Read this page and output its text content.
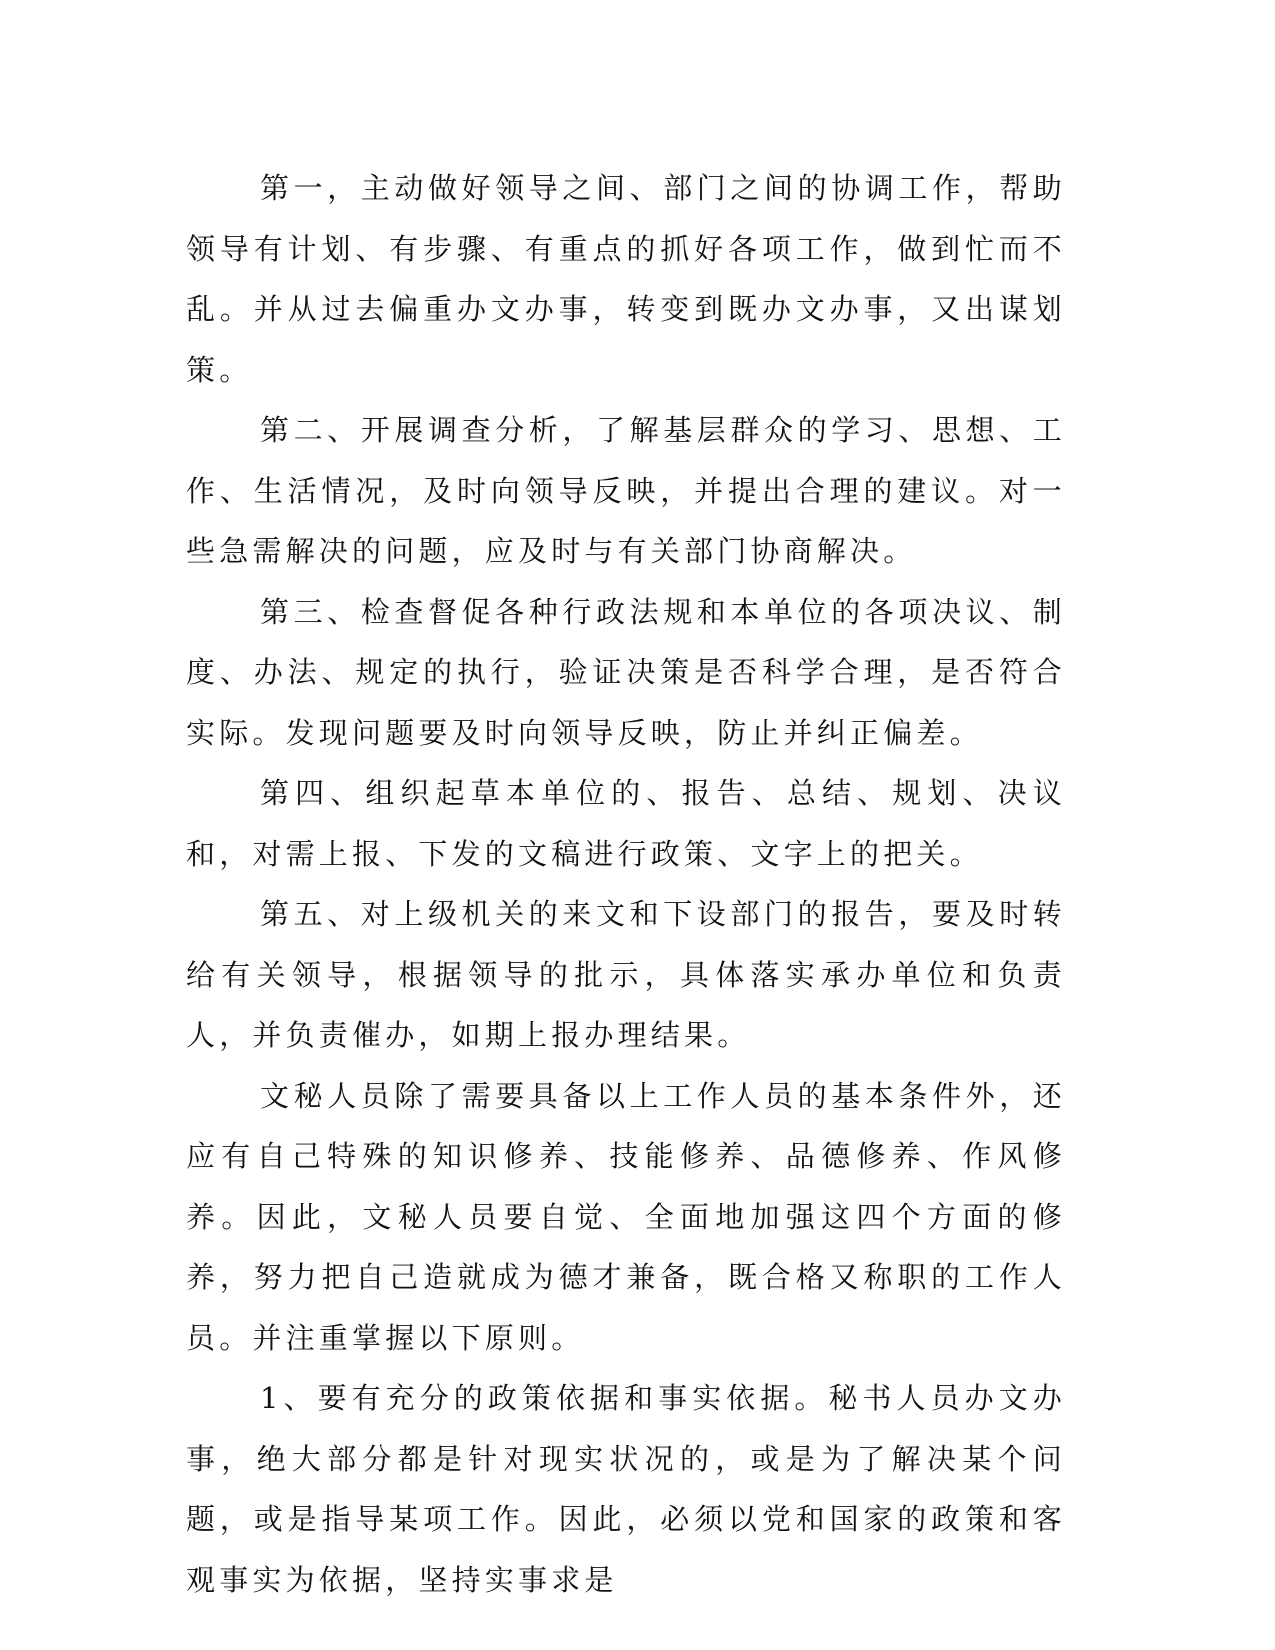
第一，主动做好领导之间、部门之间的协调工作，帮助领导有计划、有步骤、有重点的抓好各项工作，做到忙而不乱。并从过去偏重办文办事，转变到既办文办事，又出谋划策。

第二、开展调查分析，了解基层群众的学习、思想、工作、生活情况，及时向领导反映，并提出合理的建议。对一些急需解决的问题，应及时与有关部门协商解决。

第三、检查督促各种行政法规和本单位的各项决议、制度、办法、规定的执行，验证决策是否科学合理，是否符合实际。发现问题要及时向领导反映，防止并纠正偏差。

第四、组织起草本单位的、报告、总结、规划、决议和，对需上报、下发的文稿进行政策、文字上的把关。

第五、对上级机关的来文和下设部门的报告，要及时转给有关领导，根据领导的批示，具体落实承办单位和负责人，并负责催办，如期上报办理结果。

文秘人员除了需要具备以上工作人员的基本条件外，还应有自己特殊的知识修养、技能修养、品德修养、作风修养。因此，文秘人员要自觉、全面地加强这四个方面的修养，努力把自己造就成为德才兼备，既合格又称职的工作人员。并注重掌握以下原则。

1、要有充分的政策依据和事实依据。秘书人员办文办事，绝大部分都是针对现实状况的，或是为了解决某个问题，或是指导某项工作。因此，必须以党和国家的政策和客观事实为依据，坚持实事求是
